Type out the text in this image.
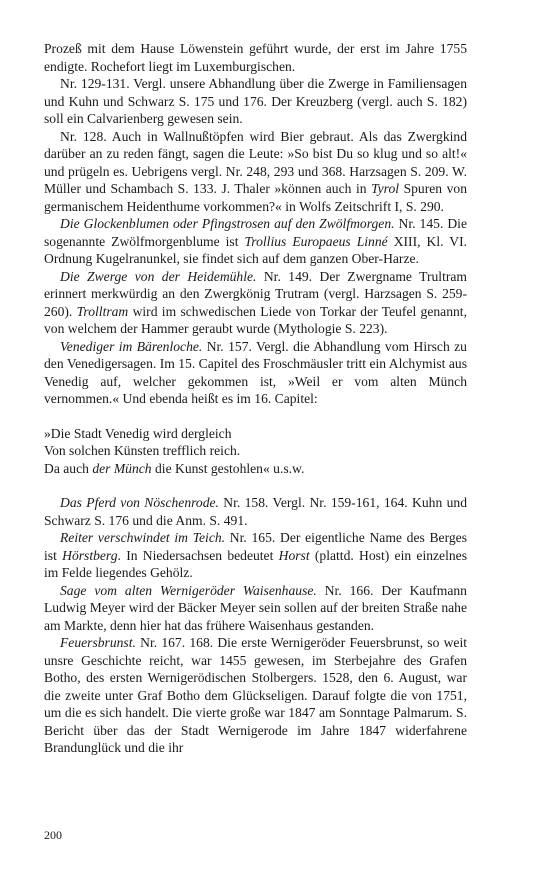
Prozeß mit dem Hause Löwenstein geführt wurde, der erst im Jahre 1755 endigte. Rochefort liegt im Luxemburgischen.

Nr. 129-131. Vergl. unsere Abhandlung über die Zwerge in Familiensagen und Kuhn und Schwarz S. 175 und 176. Der Kreuzberg (vergl. auch S. 182) soll ein Calvarienberg gewesen sein.

Nr. 128. Auch in Wallnußtöpfen wird Bier gebraut. Als das Zwergkind darüber an zu reden fängt, sagen die Leute: »So bist Du so klug und so alt!« und prügeln es. Uebrigens vergl. Nr. 248, 293 und 368. Harzsagen S. 209. W. Müller und Schambach S. 133. J. Thaler »können auch in Tyrol Spuren von germanischem Heidenthume vorkommen?« in Wolfs Zeitschrift I, S. 290.

Die Glockenblumen oder Pfingstrosen auf den Zwölfmorgen. Nr. 145. Die sogenannte Zwölfmorgenblume ist Trollius Europaeus Linné XIII, Kl. VI. Ordnung Kugelranunkel, sie findet sich auf dem ganzen Ober-Harze.

Die Zwerge von der Heidemühle. Nr. 149. Der Zwergname Trultram erinnert merkwürdig an den Zwergkönig Trutram (vergl. Harzsagen S. 259-260). Trolltram wird im schwedischen Liede von Torkar der Teufel genannt, von welchem der Hammer geraubt wurde (Mythologie S. 223).

Venediger im Bärenloche. Nr. 157. Vergl. die Abhandlung vom Hirsch zu den Venedigersagen. Im 15. Capitel des Froschmäusler tritt ein Alchymist aus Venedig auf, welcher gekommen ist, »Weil er vom alten Münch vernommen.« Und ebenda heißt es im 16. Capitel:

»Die Stadt Venedig wird dergleich
Von solchen Künsten trefflich reich.
Da auch der Münch die Kunst gestohlen« u.s.w.

Das Pferd von Nöschenrode. Nr. 158. Vergl. Nr. 159-161, 164. Kuhn und Schwarz S. 176 und die Anm. S. 491.

Reiter verschwindet im Teich. Nr. 165. Der eigentliche Name des Berges ist Hörstberg. In Niedersachsen bedeutet Horst (plattd. Host) ein einzelnes im Felde liegendes Gehölz.

Sage vom alten Wernigeröder Waisenhause. Nr. 166. Der Kaufmann Ludwig Meyer wird der Bäcker Meyer sein sollen auf der breiten Straße nahe am Markte, denn hier hat das frühere Waisenhaus gestanden.

Feuersbrunst. Nr. 167. 168. Die erste Wernigeröder Feuersbrunst, so weit unsre Geschichte reicht, war 1455 gewesen, im Sterbejahre des Grafen Botho, des ersten Wernigerödischen Stolbergers. 1528, den 6. August, war die zweite unter Graf Botho dem Glückseligen. Darauf folgte die von 1751, um die es sich handelt. Die vierte große war 1847 am Sonntage Palmarum. S. Bericht über das der Stadt Wernigerode im Jahre 1847 widerfahrene Brandunglück und die ihr

200
